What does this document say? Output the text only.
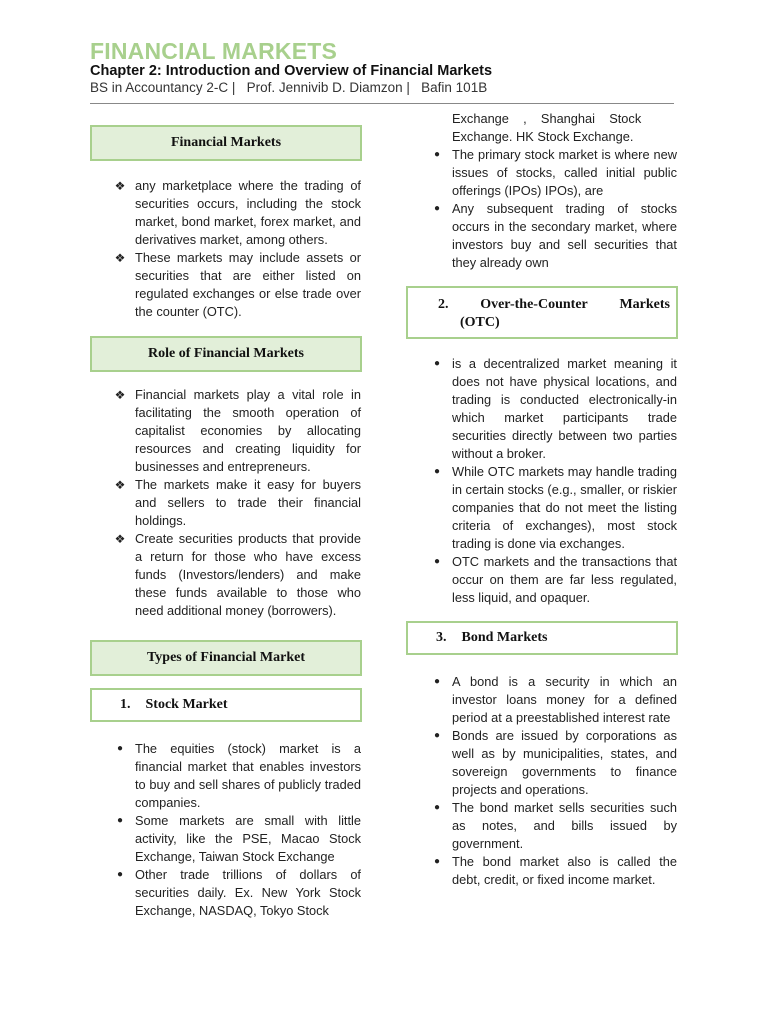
FINANCIAL MARKETS

Chapter 2: Introduction and Overview of Financial Markets

BS in Accountancy 2-C |   Prof. Jennivib D. Diamzon |   Bafin 101B

Financial Markets
❖ any marketplace where the trading of securities occurs, including the stock market, bond market, forex market, and derivatives market, among others.
❖ These markets may include assets or securities that are either listed on regulated exchanges or else trade over the counter (OTC).
Role of Financial Markets
❖ Financial markets play a vital role in facilitating the smooth operation of capitalist economies by allocating resources and creating liquidity for businesses and entrepreneurs.
❖ The markets make it easy for buyers and sellers to trade their financial holdings.
❖ Create securities products that provide a return for those who have excess funds (Investors/lenders) and make these funds available to those who need additional money (borrowers).
Types of Financial Market
1. Stock Market
● The equities (stock) market is a financial market that enables investors to buy and sell shares of publicly traded companies.
● Some markets are small with little activity, like the PSE, Macao Stock Exchange, Taiwan Stock Exchange
● Other trade trillions of dollars of securities daily. Ex. New York Stock Exchange, NASDAQ, Tokyo Stock

Exchange    ,    Shanghai    Stock

Exchange. HK Stock Exchange.

● The primary stock market is where new issues of stocks, called initial public offerings (IPOs) IPOs), are
● Any subsequent trading of stocks occurs in the secondary market, where investors buy and sell securities that they already own
2. Over-the-Counter Markets
(OTC)
● is a decentralized market meaning it does not have physical locations, and trading is conducted electronically-in which market participants trade securities directly between two parties without a broker.
● While OTC markets may handle trading in certain stocks (e.g., smaller, or riskier companies that do not meet the listing criteria of exchanges), most stock trading is done via exchanges.
● OTC markets and the transactions that occur on them are far less regulated, less liquid, and opaquer.
3. Bond Markets
● A bond is a security in which an investor loans money for a defined period at a preestablished interest rate
● Bonds are issued by corporations as well as by municipalities, states, and sovereign governments to finance projects and operations.
● The bond market sells securities such as notes, and bills issued by government.
● The bond market also is called the debt, credit, or fixed income market.
